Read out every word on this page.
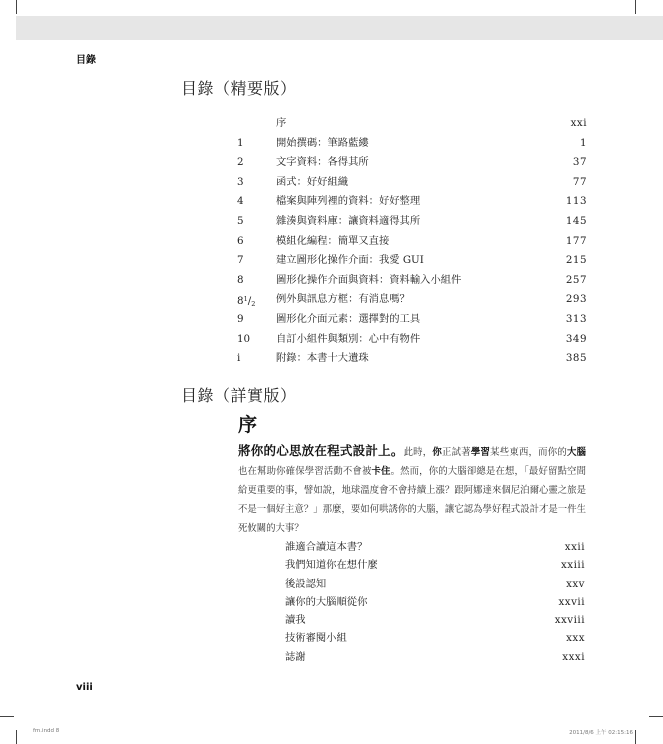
目錄
目錄（精要版）
序	xxi
1	開始撰碼：筆路藍縷	1
2	文字資料：各得其所	37
3	函式：好好組織	77
4	檔案與陣列裡的資料：好好整理	113
5	雜湊與資料庫：讓資料適得其所	145
6	模組化編程：簡單又直接	177
7	建立圖形化操作介面：我愛 GUI	215
8	圖形化操作介面與資料：資料輸入小組件	257
$8^1/_2$	例外與訊息方框：有消息嗎？	293
9	圖形化介面元素：選擇對的工具	313
10	自訂小組件與類別：心中有物件	349
i	附錄：本書十大遺珠	385
目錄（詳實版）
序
將你的心思放在程式設計上。此時，你正試著學習某些東西，而你的大腦也在幫助你確保學習活動不會被卡住。然而，你的大腦卻總是在想，「最好留點空間給更重要的事，譬如說，地球溫度會不會持續上漲？跟阿娜達來個尼泊爾心靈之旅是不是一個好主意？」那麼，要如何哄誘你的大腦，讓它認為學好程式設計才是一件生死攸關的大事？
誰適合讀這本書？	xxii
我們知道你在想什麼	xxiii
後設認知	xxv
讓你的大腦順從你	xxvii
讀我	xxviii
技術審閱小組	xxx
誌謝	xxxi
viii
fm.indd 8	2011/8/6 上午 02:15:16
